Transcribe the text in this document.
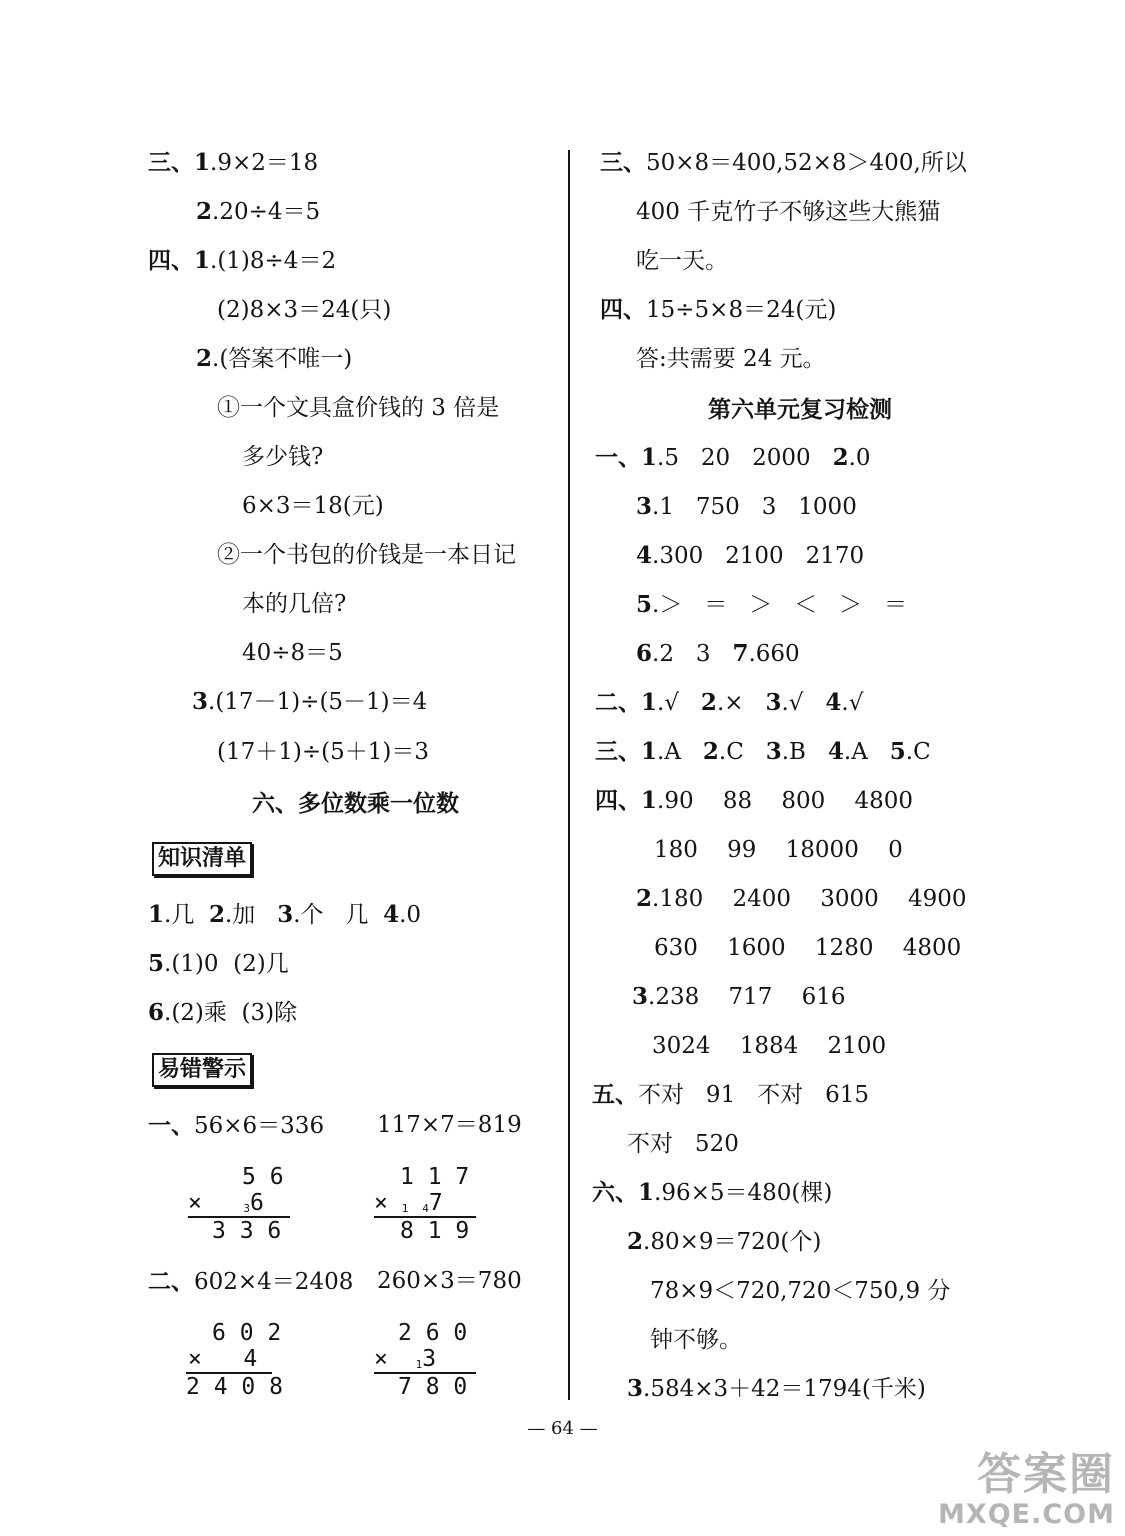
三、1.9×2＝18
2.20÷4＝5
四、1.(1)8÷4＝2
(2)8×3＝24(只)
2.(答案不唯一)
①一个文具盒价钱的 3 倍是
多少钱?
6×3＝18(元)
②一个书包的价钱是一本日记
本的几倍?
40÷8＝5
3.(17－1)÷(5－1)＝4
(17＋1)÷(5＋1)＝3
六、多位数乘一位数
知识清单
1.几  2.加   3.个   几  4.0
5.(1)0  (2)几
6.(2)乘  (3)除
易错警示
一、56×6＝336 117×7＝819
5 6
×	36
3 3 6
1 1 7
× 1 47
8 1 9
二、602×4＝2408 260×3＝780
6 0 2
× 4
2 4 0 8
2 6 0
×	13
7 8 0
三、50×8＝400,52×8＞400,所以
400 千克竹子不够这些大熊猫
吃一天。
四、15÷5×8＝24(元)
答:共需要 24 元。
第六单元复习检测
一、1.5   20   2000   2.0
3.1   750   3   1000
4.300   2100   2170
5.＞   ＝   ＞   ＜   ＞   ＝
6.2   3   7.660
二、1.√   2.×   3.√   4.√
三、1.A   2.C   3.B   4.A   5.C
四、1.90    88    800    4800
180    99    18000    0
2.180    2400    3000    4900
630    1600    1280    4800
3.238    717    616
3024    1884    2100
五、不对   91   不对   615
不对   520
六、1.96×5＝480(棵)
2.80×9＝720(个)
78×9＜720,720＜750,9 分
钟不够。
3.584×3＋42＝1794(千米)
— 64 —
答案圈
MXQE.COM
